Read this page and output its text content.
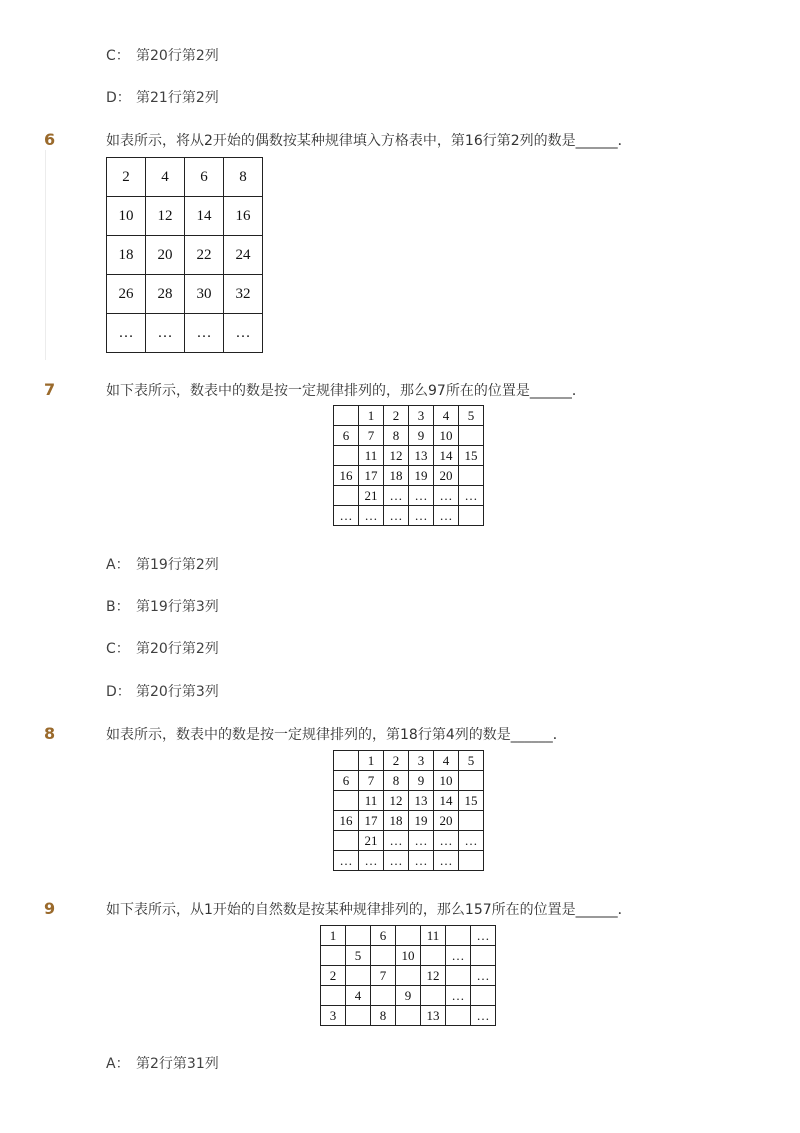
C： 第20行第2列
D： 第21行第2列
6	如表所示，将从2开始的偶数按某种规律填入方格表中，第16行第2列的数是______．
2	4	6	8
10	12	14	16
18	20	22	24
26	28	30	32
…	…	…	…
7	如下表所示，数表中的数是按一定规律排列的，那么97所在的位置是______．
	1	2	3	4	5
6	7	8	9	10	
	11	12	13	14	15
16	17	18	19	20	
	21	…	…	…	…
…	…	…	…	…	
A： 第19行第2列
B： 第19行第3列
C： 第20行第2列
D： 第20行第3列
8	如表所示，数表中的数是按一定规律排列的，第18行第4列的数是______．
	1	2	3	4	5
6	7	8	9	10	
	11	12	13	14	15
16	17	18	19	20	
	21	…	…	…	…
…	…	…	…	…	
9	如下表所示，从1开始的自然数是按某种规律排列的，那么157所在的位置是______．
1		6		11		…
	5		10		…	
2		7		12		…
	4		9		…	
3		8		13		…
A： 第2行第31列
